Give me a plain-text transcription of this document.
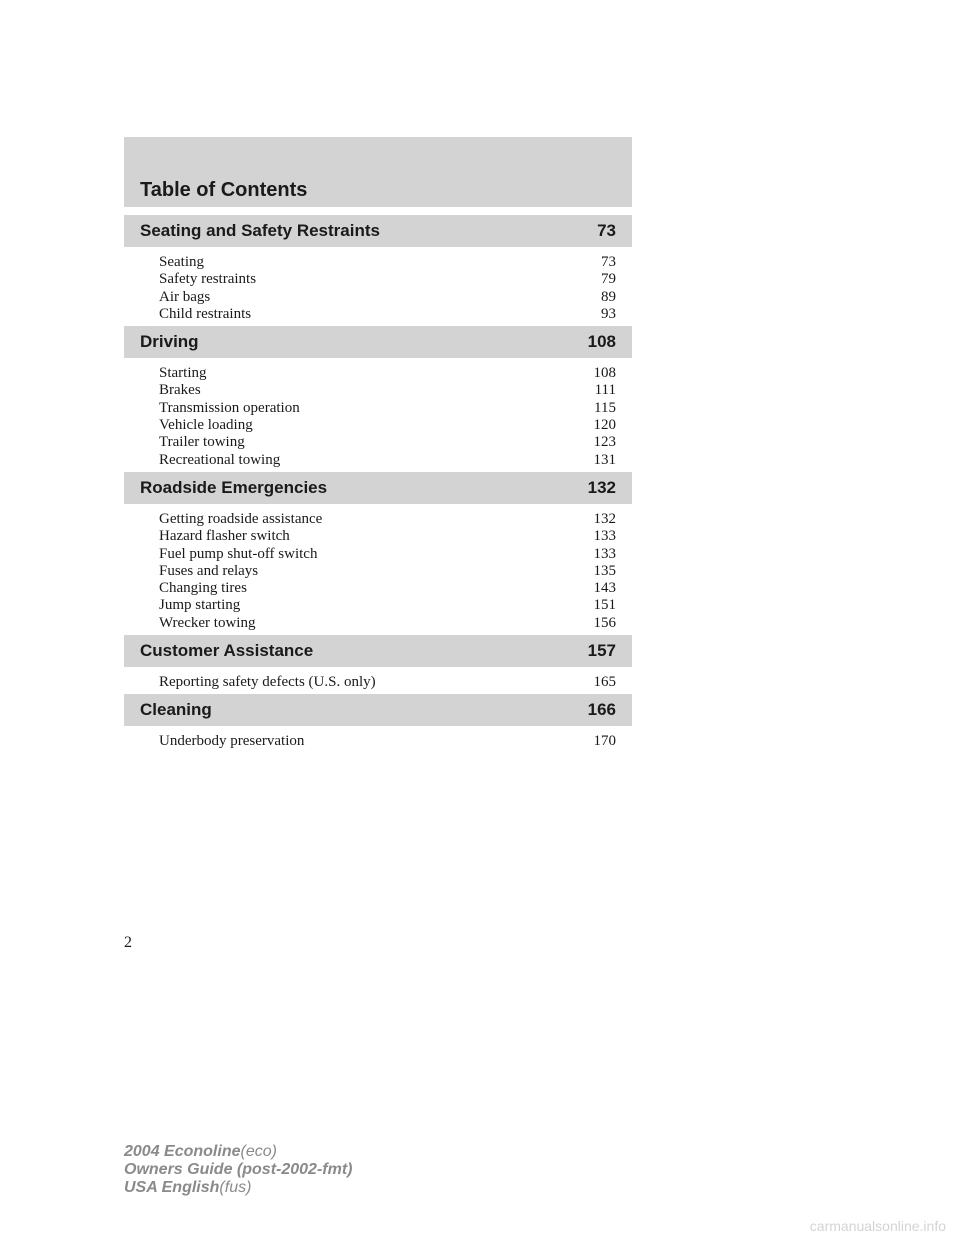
Table of Contents
Seating and Safety Restraints	73
Seating	73
Safety restraints	79
Air bags	89
Child restraints	93
Driving	108
Starting	108
Brakes	111
Transmission operation	115
Vehicle loading	120
Trailer towing	123
Recreational towing	131
Roadside Emergencies	132
Getting roadside assistance	132
Hazard flasher switch	133
Fuel pump shut-off switch	133
Fuses and relays	135
Changing tires	143
Jump starting	151
Wrecker towing	156
Customer Assistance	157
Reporting safety defects (U.S. only)	165
Cleaning	166
Underbody preservation	170
2
2004 Econoline(eco)
Owners Guide (post-2002-fmt)
USA English(fus)
carmanualsonline.info
